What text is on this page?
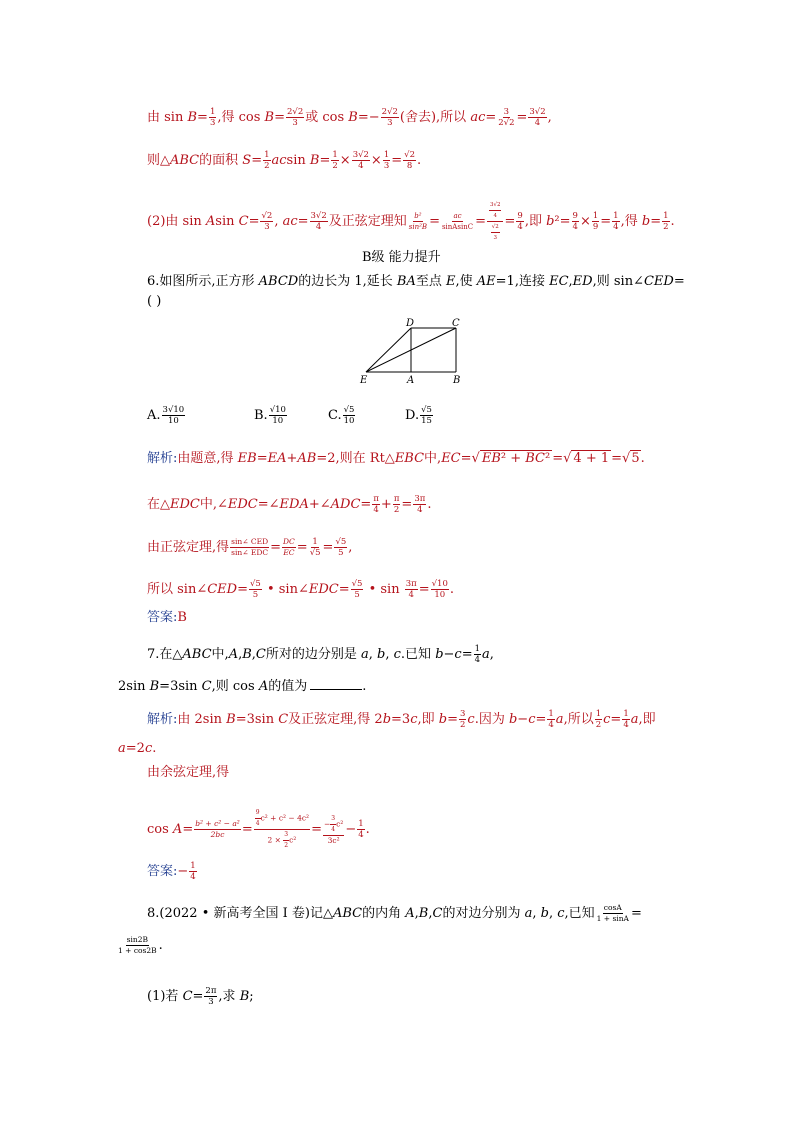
由 $\sin B= \frac{1}{3}$ ,得 $\cos B= \frac{2√2}{3}$ 或 $\cos B=- \frac{2√2}{3}$ (舍去),所以 $ac= \frac{3}{2√2} = \frac{3√2}{4}$ ,
则△ABC的面积 $S= \frac{1}{2}$ acsin $B= \frac{1}{2} \times \frac{3√2}{4} \times \frac{1}{3} = \frac{√2}{8}$ .
(2)由 sin Asin $C= \frac{√2}{3}$ , $ac= \frac{3√2}{4}$ 及正弦定理知 $\frac{\text{b²}}{\text{sin²B}} = \frac{ac}{\text{sinAsinC}} = \frac{\frac{3√2}{4}}{\frac{√2}{3}} = \frac{9}{4}$ ,即 $b^2= \frac{9}{4} \times \frac{1}{9} = \frac{1}{4}$ ,得 $b= \frac{1}{2}$ .
B级 能力提升
6.如图所示,正方形 ABCD的边长为 1,延长 BA至点 E,使 AE=1,连接 EC,ED,则 sin∠CED=
( )
D	C
E	A	B
A. $\frac{3√10}{10}$	B. $\frac{√10}{10}$	C. $\frac{√5}{10}$	D. $\frac{√5}{15}$
解析:由题意,得 EB=EA+AB=2,则在 Rt△EBC中,EC=√ EB² + BC² =√ 4 + 1 =√5.
在△EDC中,∠EDC=∠EDA+∠ADC= $\frac{\pi}{4} + \frac{\pi}{2} = \frac{3\pi}{4}$ .
由正弦定理,得 sin∠ CED
sin∠ EDC = $\frac{DC}{EC} = \frac{1}{√5} = \frac{√5}{5}$ ,
所以 sin∠CED= $\frac{√5}{5}$ • sin∠EDC= $\frac{√5}{5}$ • $\sin \frac{3\pi}{4} = \frac{√10}{10}$ .
答案:B
7.在△ABC中,A,B,C所对的边分别是 a, b, c.已知 $b-c= \frac{1}{4} a$,
2sin B=3sin C,则 cos A的值为	.
解析:由 2sin B=3sin C及正弦定理,得 2b=3c,即 $b= \frac{3}{2} c$.因为 $b-c= \frac{1}{4} a$,所以 $\frac{1}{2} c= \frac{1}{4} a$,即
a=2c.
由余弦定理,得
$\cos A= \frac{\text{b² + c² − a²}}{2bc} = \frac{\frac{9}{4} c^2 + c^2 - 4c^2}{2 \times \frac{3}{2} c^2} = \frac{- \frac{3}{4} c^2}{\text{3c²}} - \frac{1}{4}$ .
答案:− $\frac{1}{4}$
8.(2022 • 新高考全国 Ⅰ 卷)记△ABC的内角 A,B,C的对边分别为 a, b, c,已知 $\frac{\cos A}{1 + \sin A}$ =
$\frac{\sin 2B}{1 + \cos 2B}$ .
(1)若 $C= \frac{2\pi}{3}$ ,求 B;
